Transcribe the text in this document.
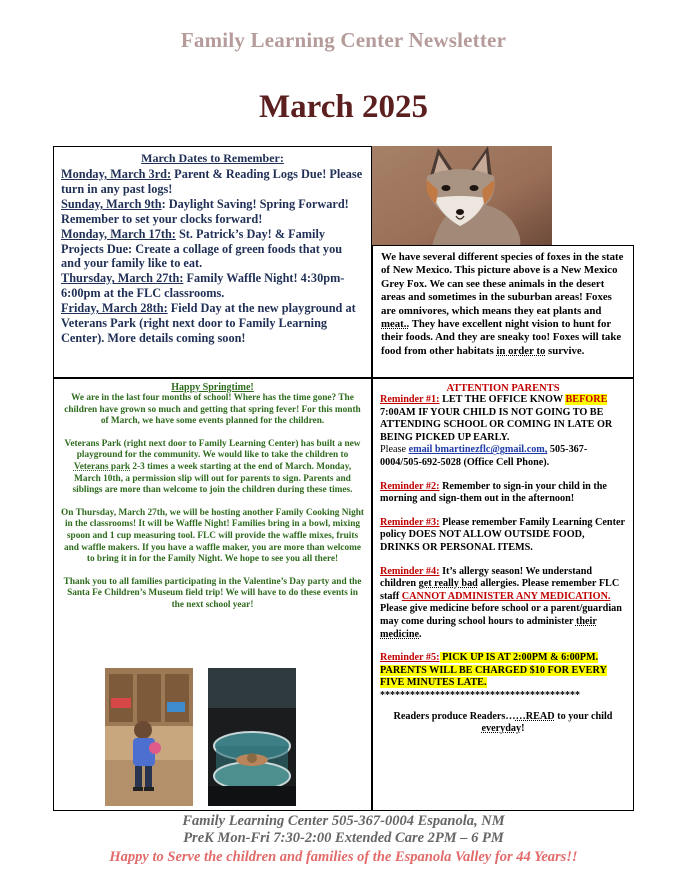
Family Learning Center Newsletter
March 2025
March Dates to Remember:

Monday, March 3rd: Parent & Reading Logs Due! Please turn in any past logs!

Sunday, March 9th: Daylight Saving! Spring Forward! Remember to set your clocks forward!

Monday, March 17th: St. Patrick’s Day! & Family Projects Due: Create a collage of green foods that you and your family like to eat.

Thursday, March 27th: Family Waffle Night! 4:30pm-6:00pm at the FLC classrooms.

Friday, March 28th: Field Day at the new playground at Veterans Park (right next door to Family Learning Center). More details coming soon!

We have several different species of foxes in the state of New Mexico. This picture above is a New Mexico Grey Fox. We can see these animals in the desert areas and sometimes in the suburban areas! Foxes are omnivores, which means they eat plants and meat.. They have excellent night vision to hunt for their foods. And they are sneaky too! Foxes will take food from other habitats in order to survive.

Happy Springtime!

We are in the last four months of school! Where has the time gone? The children have grown so much and getting that spring fever! For this month of March, we have some events planned for the children.

Veterans Park (right next door to Family Learning Center) has built a new playground for the community. We would like to take the children to Veterans park 2-3 times a week starting at the end of March. Monday, March 10th, a permission slip will out for parents to sign. Parents and siblings are more than welcome to join the children during these times.

On Thursday, March 27th, we will be hosting another Family Cooking Night in the classrooms! It will be Waffle Night! Families bring in a bowl, mixing spoon and 1 cup measuring tool. FLC will provide the waffle mixes, fruits and waffle makers. If you have a waffle maker, you are more than welcome to bring it in for the Family Night. We hope to see you all there!

Thank you to all families participating in the Valentine’s Day party and the Santa Fe Children’s Museum field trip! We will have to do these events in the next school year!

ATTENTION PARENTS

Reminder #1: LET THE OFFICE KNOW BEFORE 7:00AM IF YOUR CHILD IS NOT GOING TO BE ATTENDING SCHOOL OR COMING IN LATE OR BEING PICKED UP EARLY.
Please email bmartinezflc@gmail.com, 505-367-0004/505-692-5028 (Office Cell Phone).

Reminder #2: Remember to sign-in your child in the morning and sign-them out in the afternoon!

Reminder #3: Please remember Family Learning Center policy DOES NOT ALLOW OUTSIDE FOOD, DRINKS OR PERSONAL ITEMS.

Reminder #4: It’s allergy season! We understand children get really bad allergies. Please remember FLC staff CANNOT ADMINISTER ANY MEDICATION. Please give medicine before school or a parent/guardian may come during school hours to administer their medicine.

Reminder #5: PICK UP IS AT 2:00PM & 6:00PM. PARENTS WILL BE CHARGED $10 FOR EVERY FIVE MINUTES LATE.

****************************************

Readers produce Readers……READ to your child everyday!

Family Learning Center 505-367-0004 Espanola, NM
PreK Mon-Fri 7:30-2:00 Extended Care 2PM – 6 PM
Happy to Serve the children and families of the Espanola Valley for 44 Years!!
